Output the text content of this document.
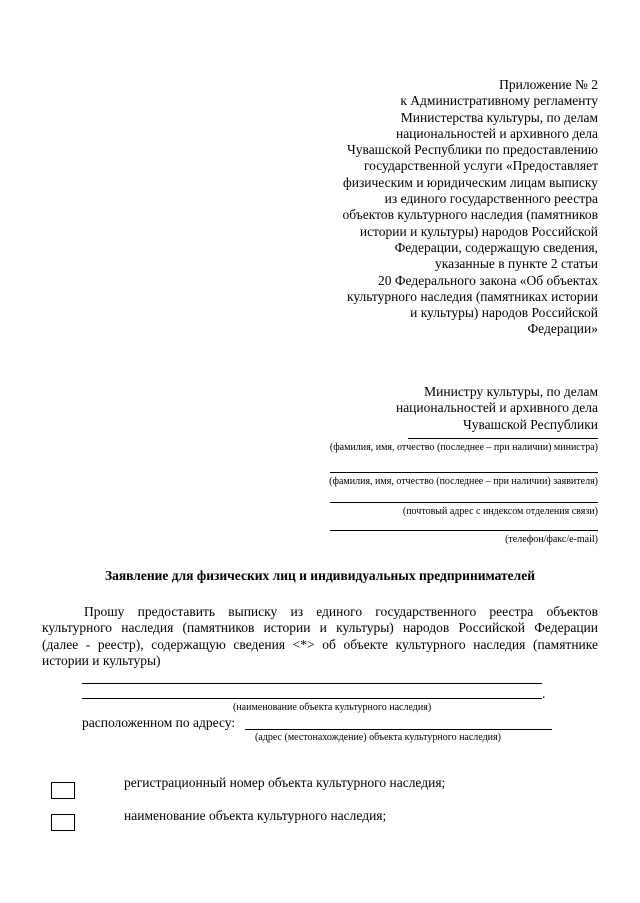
Приложение № 2
к Административному регламенту
Министерства культуры, по делам
национальностей и архивного дела
Чувашской Республики по предоставлению
государственной услуги «Предоставляет
физическим и юридическим лицам выписку
из единого государственного реестра
объектов культурного наследия (памятников
истории и культуры) народов Российской
Федерации, содержащую сведения,
указанные в пункте 2 статьи
20 Федерального закона «Об объектах
культурного наследия (памятниках истории
и культуры) народов Российской
Федерации»
Министру культуры, по делам
национальностей и архивного дела
Чувашской Республики
(фамилия, имя, отчество (последнее – при наличии) министра)
(фамилия, имя, отчество (последнее – при наличии) заявителя)
(почтовый адрес с индексом отделения связи)
(телефон/факс/e-mail)
Заявление для физических лиц и индивидуальных предпринимателей
Прошу предоставить выписку из единого государственного реестра объектов
культурного наследия (памятников истории и культуры) народов Российской Федерации
(далее - реестр), содержащую сведения <*> об объекте культурного наследия (памятнике
истории и культуры)
.
(наименование объекта культурного наследия)
расположенном по адресу:
(адрес (местонахождение) объекта культурного наследия)
регистрационный номер объекта культурного наследия;
наименование объекта культурного наследия;
